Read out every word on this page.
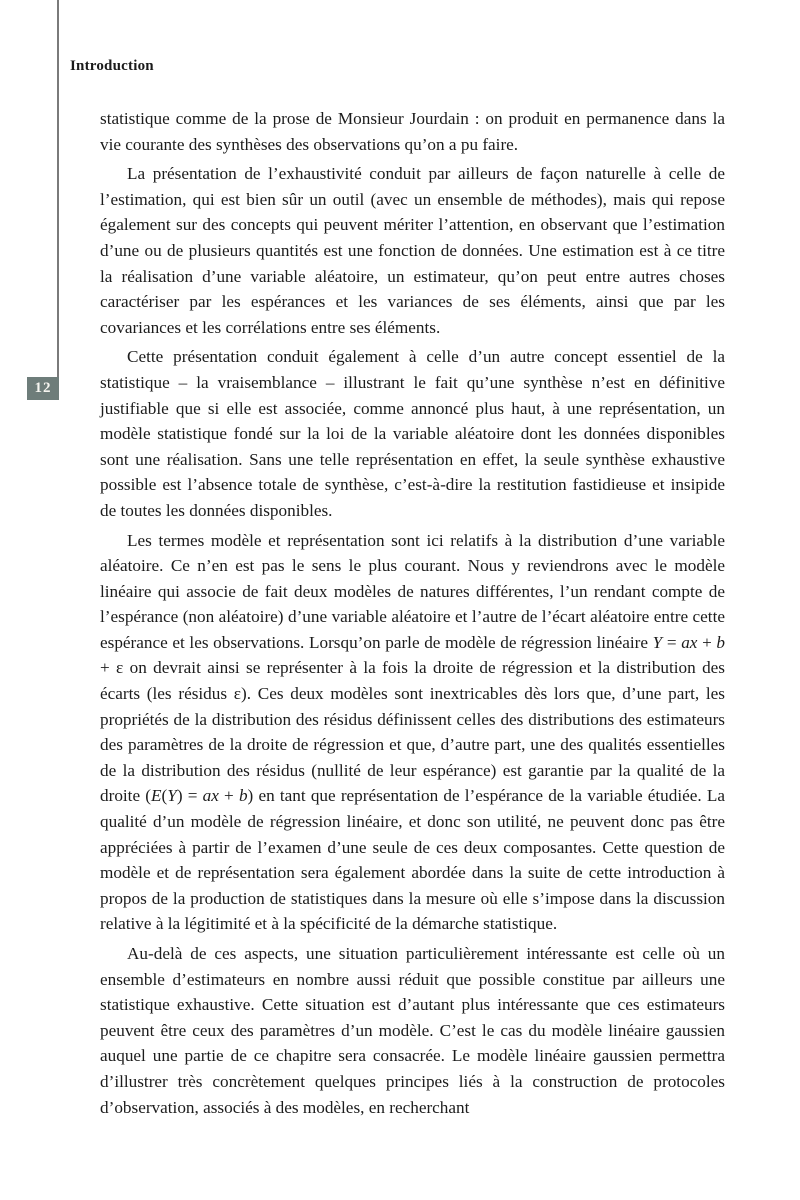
Introduction
12

statistique comme de la prose de Monsieur Jourdain : on produit en permanence dans la vie courante des synthèses des observations qu’on a pu faire.

La présentation de l’exhaustivité conduit par ailleurs de façon naturelle à celle de l’estimation, qui est bien sûr un outil (avec un ensemble de méthodes), mais qui repose également sur des concepts qui peuvent mériter l’attention, en observant que l’estimation d’une ou de plusieurs quantités est une fonction de données. Une estimation est à ce titre la réalisation d’une variable aléatoire, un estimateur, qu’on peut entre autres choses caractériser par les espérances et les variances de ses éléments, ainsi que par les covariances et les corrélations entre ses éléments.

Cette présentation conduit également à celle d’un autre concept essentiel de la statistique – la vraisemblance – illustrant le fait qu’une synthèse n’est en définitive justifiable que si elle est associée, comme annoncé plus haut, à une représentation, un modèle statistique fondé sur la loi de la variable aléatoire dont les données disponibles sont une réalisation. Sans une telle représentation en effet, la seule synthèse exhaustive possible est l’absence totale de synthèse, c’est-à-dire la restitution fastidieuse et insipide de toutes les données disponibles.

Les termes modèle et représentation sont ici relatifs à la distribution d’une variable aléatoire. Ce n’en est pas le sens le plus courant. Nous y reviendrons avec le modèle linéaire qui associe de fait deux modèles de natures différentes, l’un rendant compte de l’espérance (non aléatoire) d’une variable aléatoire et l’autre de l’écart aléatoire entre cette espérance et les observations. Lorsqu’on parle de modèle de régression linéaire Y = ax + b + ε on devrait ainsi se représenter à la fois la droite de régression et la distribution des écarts (les résidus ε). Ces deux modèles sont inextricables dès lors que, d’une part, les propriétés de la distribution des résidus définissent celles des distributions des estimateurs des paramètres de la droite de régression et que, d’autre part, une des qualités essentielles de la distribution des résidus (nullité de leur espérance) est garantie par la qualité de la droite (E(Y) = ax + b) en tant que représentation de l’espérance de la variable étudiée. La qualité d’un modèle de régression linéaire, et donc son utilité, ne peuvent donc pas être appréciées à partir de l’examen d’une seule de ces deux composantes. Cette question de modèle et de représentation sera également abordée dans la suite de cette introduction à propos de la production de statistiques dans la mesure où elle s’impose dans la discussion relative à la légitimité et à la spécificité de la démarche statistique.

Au-delà de ces aspects, une situation particulièrement intéressante est celle où un ensemble d’estimateurs en nombre aussi réduit que possible constitue par ailleurs une statistique exhaustive. Cette situation est d’autant plus intéressante que ces estimateurs peuvent être ceux des paramètres d’un modèle. C’est le cas du modèle linéaire gaussien auquel une partie de ce chapitre sera consacrée. Le modèle linéaire gaussien permettra d’illustrer très concrètement quelques principes liés à la construction de protocoles d’observation, associés à des modèles, en recherchant
